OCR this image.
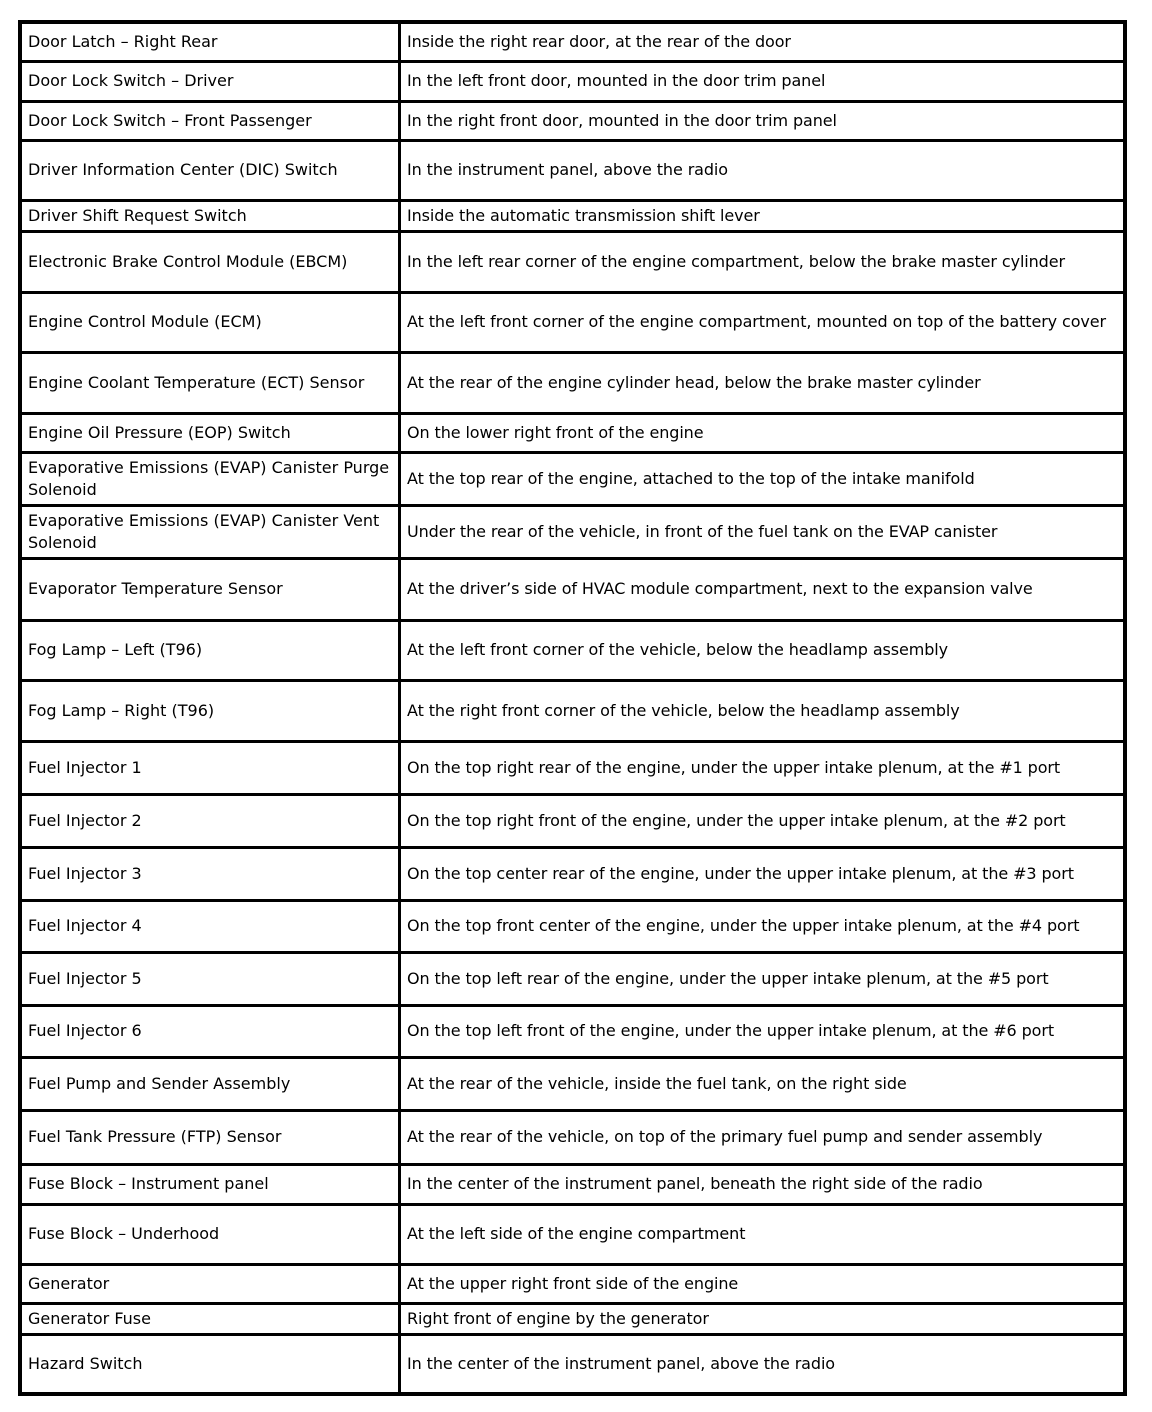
Door Latch – Right Rear	Inside the right rear door, at the rear of the door
Door Lock Switch – Driver	In the left front door, mounted in the door trim panel
Door Lock Switch – Front Passenger	In the right front door, mounted in the door trim panel
Driver Information Center (DIC) Switch	In the instrument panel, above the radio
Driver Shift Request Switch	Inside the automatic transmission shift lever
Electronic Brake Control Module (EBCM)	In the left rear corner of the engine compartment, below the brake master cylinder
Engine Control Module (ECM)	At the left front corner of the engine compartment, mounted on top of the battery cover
Engine Coolant Temperature (ECT) Sensor	At the rear of the engine cylinder head, below the brake master cylinder
Engine Oil Pressure (EOP) Switch	On the lower right front of the engine
Evaporative Emissions (EVAP) Canister Purge Solenoid	At the top rear of the engine, attached to the top of the intake manifold
Evaporative Emissions (EVAP) Canister Vent Solenoid	Under the rear of the vehicle, in front of the fuel tank on the EVAP canister
Evaporator Temperature Sensor	At the driver’s side of HVAC module compartment, next to the expansion valve
Fog Lamp – Left (T96)	At the left front corner of the vehicle, below the headlamp assembly
Fog Lamp – Right (T96)	At the right front corner of the vehicle, below the headlamp assembly
Fuel Injector 1	On the top right rear of the engine, under the upper intake plenum, at the #1 port
Fuel Injector 2	On the top right front of the engine, under the upper intake plenum, at the #2 port
Fuel Injector 3	On the top center rear of the engine, under the upper intake plenum, at the #3 port
Fuel Injector 4	On the top front center of the engine, under the upper intake plenum, at the #4 port
Fuel Injector 5	On the top left rear of the engine, under the upper intake plenum, at the #5 port
Fuel Injector 6	On the top left front of the engine, under the upper intake plenum, at the #6 port
Fuel Pump and Sender Assembly	At the rear of the vehicle, inside the fuel tank, on the right side
Fuel Tank Pressure (FTP) Sensor	At the rear of the vehicle, on top of the primary fuel pump and sender assembly
Fuse Block – Instrument panel	In the center of the instrument panel, beneath the right side of the radio
Fuse Block – Underhood	At the left side of the engine compartment
Generator	At the upper right front side of the engine
Generator Fuse	Right front of engine by the generator
Hazard Switch	In the center of the instrument panel, above the radio
